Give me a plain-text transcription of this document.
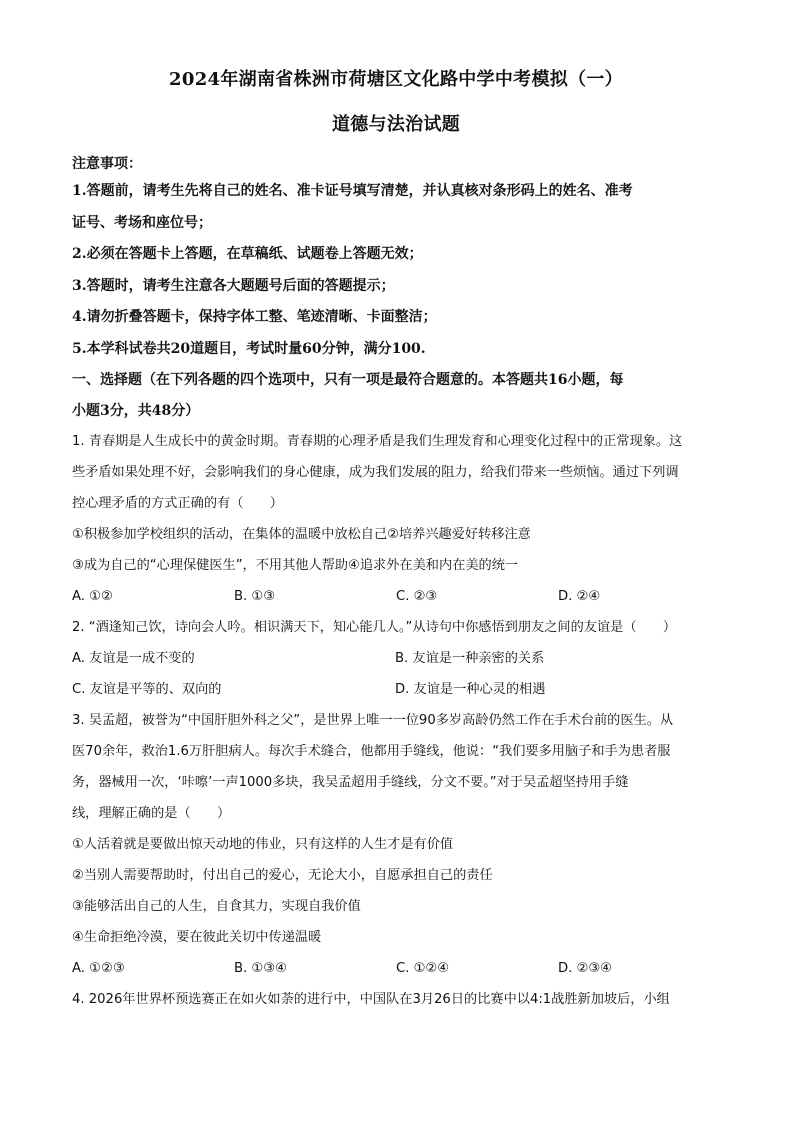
2024年湖南省株洲市荷塘区文化路中学中考模拟（一）
道德与法治试题
注意事项：
1.答题前，请考生先将自己的姓名、准卡证号填写清楚，并认真核对条形码上的姓名、准考
证号、考场和座位号；
2.必须在答题卡上答题，在草稿纸、试题卷上答题无效；
3.答题时，请考生注意各大题题号后面的答题提示；
4.请勿折叠答题卡，保持字体工整、笔迹清晰、卡面整洁；
5.本学科试卷共20道题目，考试时量60分钟，满分100.
一、选择题（在下列各题的四个选项中，只有一项是最符合题意的。本答题共16小题，每
小题3分，共48分）
1. 青春期是人生成长中的黄金时期。青春期的心理矛盾是我们生理发育和心理变化过程中的正常现象。这
些矛盾如果处理不好，会影响我们的身心健康，成为我们发展的阻力，给我们带来一些烦恼。通过下列调
控心理矛盾的方式正确的有（　　）
①积极参加学校组织的活动，在集体的温暖中放松自己②培养兴趣爱好转移注意
③成为自己的“心理保健医生”，不用其他人帮助④追求外在美和内在美的统一
A. ①②	B. ①③	C. ②③	D. ②④
2. “酒逢知己饮，诗向会人吟。相识满天下，知心能几人。”从诗句中你感悟到朋友之间的友谊是（　　）
A. 友谊是一成不变的	B. 友谊是一种亲密的关系
C. 友谊是平等的、双向的	D. 友谊是一种心灵的相遇
3. 吴孟超，被誉为“中国肝胆外科之父”，是世界上唯一一位90多岁高龄仍然工作在手术台前的医生。从
医70余年，救治1.6万肝胆病人。每次手术缝合，他都用手缝线，他说：“我们要多用脑子和手为患者服
务，器械用一次，‘咔嚓’一声1000多块，我吴孟超用手缝线，分文不要。”对于吴孟超坚持用手缝
线，理解正确的是（　　）
①人活着就是要做出惊天动地的伟业，只有这样的人生才是有价值
②当别人需要帮助时，付出自己的爱心，无论大小，自愿承担自己的责任
③能够活出自己的人生，自食其力，实现自我价值
④生命拒绝冷漠，要在彼此关切中传递温暖
A. ①②③	B. ①③④	C. ①②④	D. ②③④
4. 2026年世界杯预选赛正在如火如荼的进行中，中国队在3月26日的比赛中以4:1战胜新加坡后，小组
